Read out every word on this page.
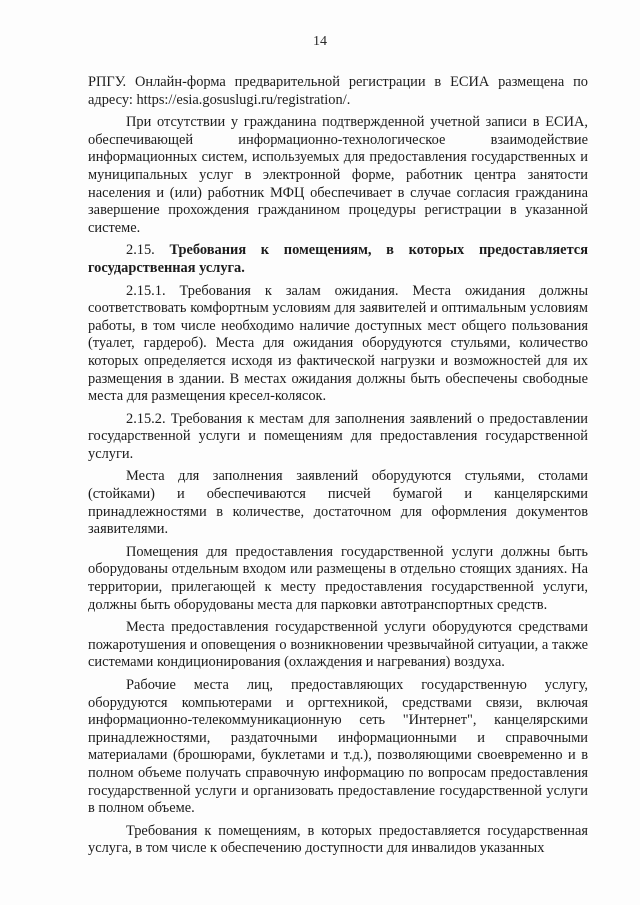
14

РПГУ. Онлайн-форма предварительной регистрации в ЕСИА размещена по адресу: https://esia.gosuslugi.ru/registration/.

При отсутствии у гражданина подтвержденной учетной записи в ЕСИА, обеспечивающей информационно-технологическое взаимодействие информационных систем, используемых для предоставления государственных и муниципальных услуг в электронной форме, работник центра занятости населения и (или) работник МФЦ обеспечивает в случае согласия гражданина завершение прохождения гражданином процедуры регистрации в указанной системе.

2.15. Требования к помещениям, в которых предоставляется государственная услуга.

2.15.1. Требования к залам ожидания. Места ожидания должны соответствовать комфортным условиям для заявителей и оптимальным условиям работы, в том числе необходимо наличие доступных мест общего пользования (туалет, гардероб). Места для ожидания оборудуются стульями, количество которых определяется исходя из фактической нагрузки и возможностей для их размещения в здании. В местах ожидания должны быть обеспечены свободные места для размещения кресел-колясок.

2.15.2. Требования к местам для заполнения заявлений о предоставлении государственной услуги и помещениям для предоставления государственной услуги.

Места для заполнения заявлений оборудуются стульями, столами (стойками) и обеспечиваются писчей бумагой и канцелярскими принадлежностями в количестве, достаточном для оформления документов заявителями.

Помещения для предоставления государственной услуги должны быть оборудованы отдельным входом или размещены в отдельно стоящих зданиях. На территории, прилегающей к месту предоставления государственной услуги, должны быть оборудованы места для парковки автотранспортных средств.

Места предоставления государственной услуги оборудуются средствами пожаротушения и оповещения о возникновении чрезвычайной ситуации, а также системами кондиционирования (охлаждения и нагревания) воздуха.

Рабочие места лиц, предоставляющих государственную услугу, оборудуются компьютерами и оргтехникой, средствами связи, включая информационно-телекоммуникационную сеть "Интернет", канцелярскими принадлежностями, раздаточными информационными и справочными материалами (брошюрами, буклетами и т.д.), позволяющими своевременно и в полном объеме получать справочную информацию по вопросам предоставления государственной услуги и организовать предоставление государственной услуги в полном объеме.

Требования к помещениям, в которых предоставляется государственная услуга, в том числе к обеспечению доступности для инвалидов указанных
